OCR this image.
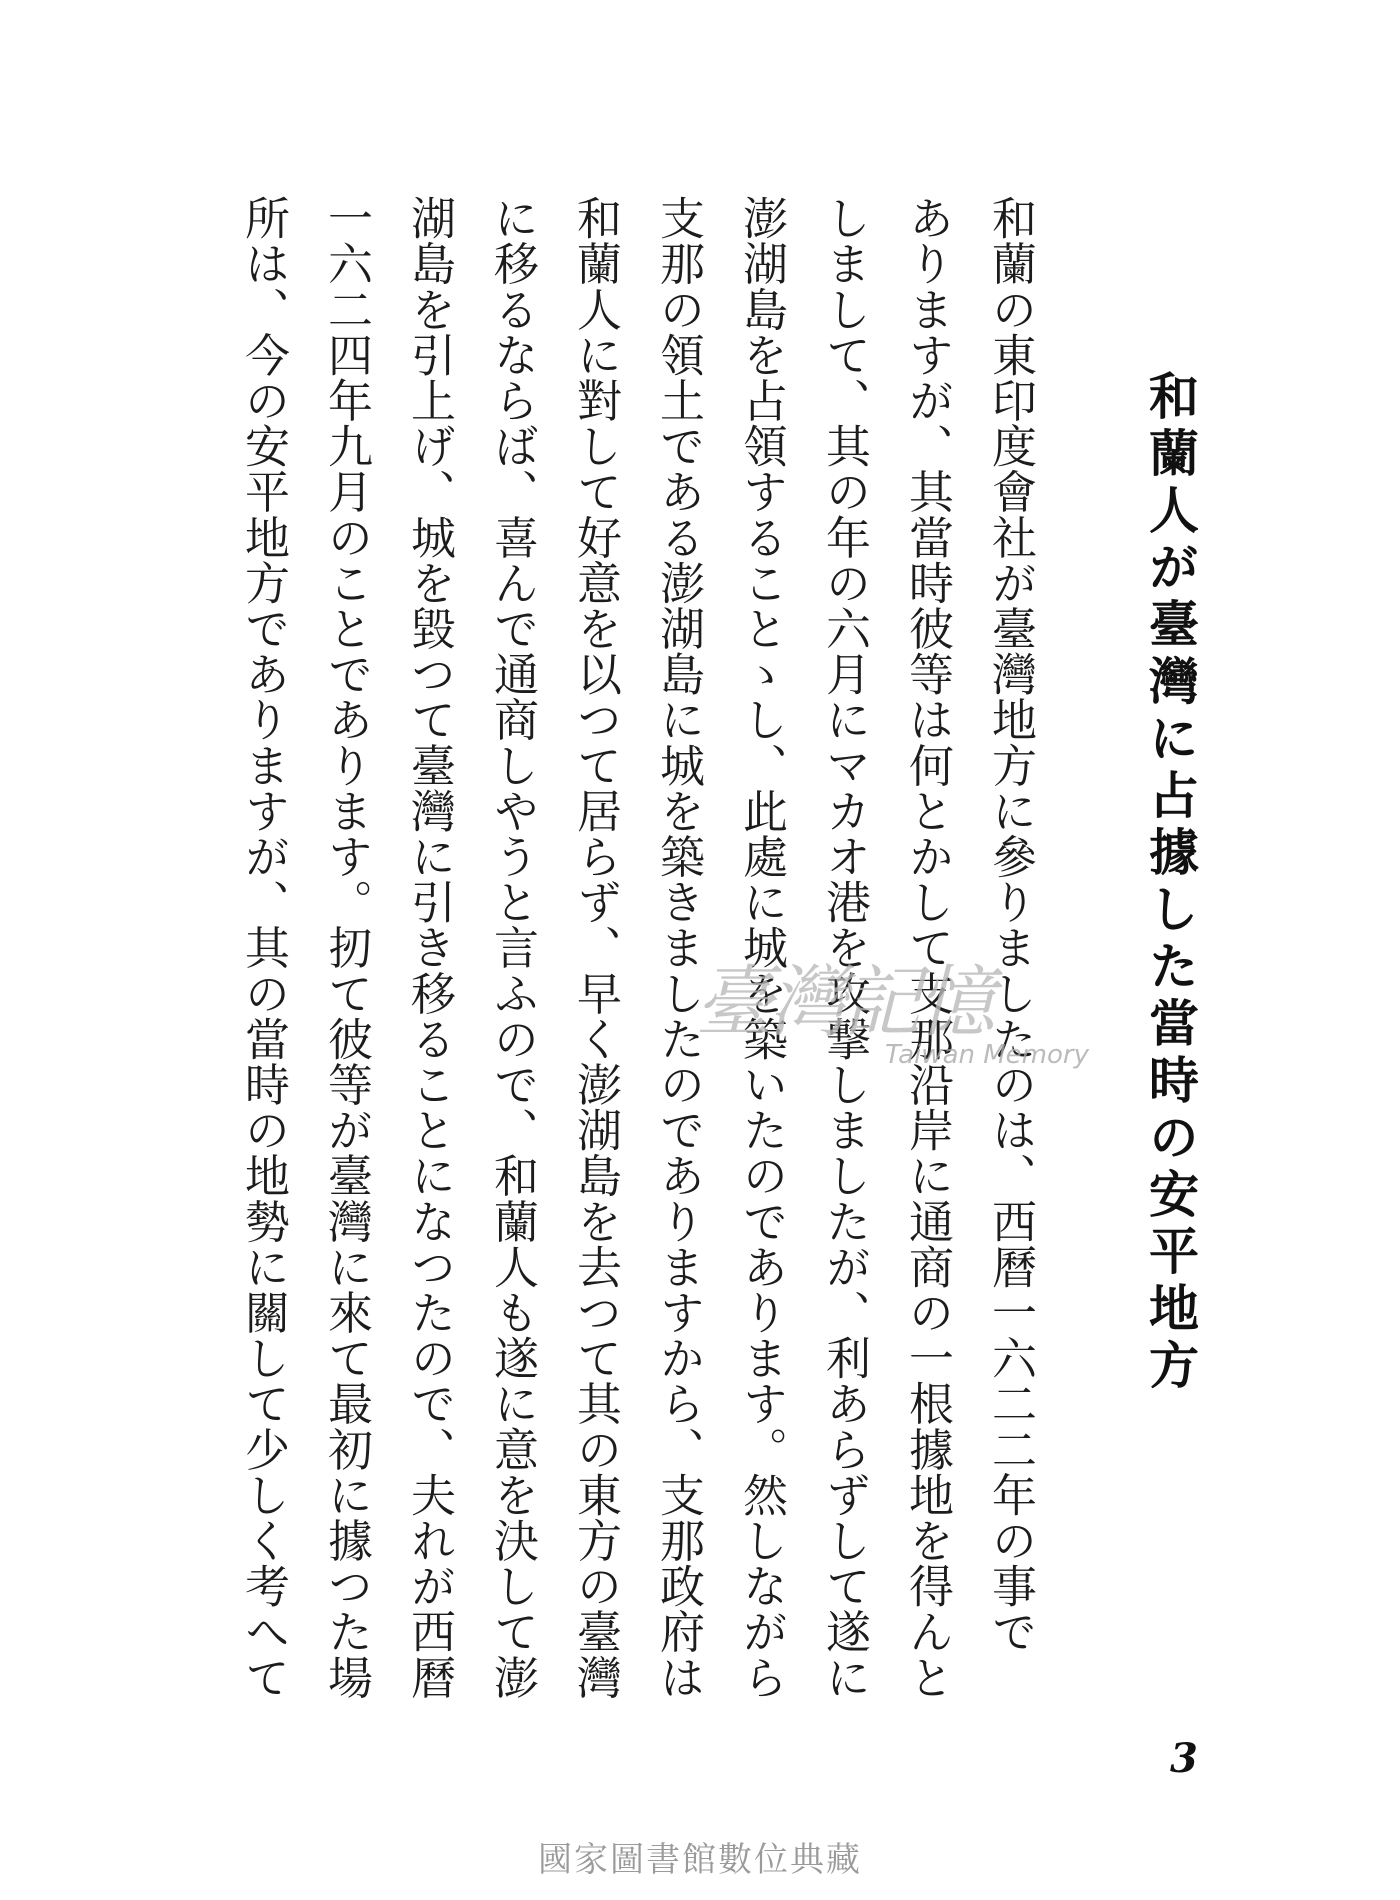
和蘭人が臺灣に占據した當時の安平地方
和蘭の東印度會社が臺灣地方に參りましたのは、西曆一六二二年の事で
ありますが、其當時彼等は何とかして支那沿岸に通商の一根據地を得んと
しまして、其の年の六月にマカオ港を攻撃しましたが、利あらずして遂に
澎湖島を占領することゝし、此處に城を築いたのであります。然しながら
支那の領土である澎湖島に城を築きましたのでありますから、支那政府は
和蘭人に對して好意を以つて居らず、早く澎湖島を去つて其の東方の臺灣
に移るならば、喜んで通商しやうと言ふので、和蘭人も遂に意を決して澎
湖島を引上げ、城を毀つて臺灣に引き移ることになつたので、夫れが西曆
一六二四年九月のことであります。扨て彼等が臺灣に來て最初に據つた場
所は、今の安平地方でありますが、其の當時の地勢に關して少しく考へて	臺灣記憶
Taiwan Memory
3
國家圖書館數位典藏
